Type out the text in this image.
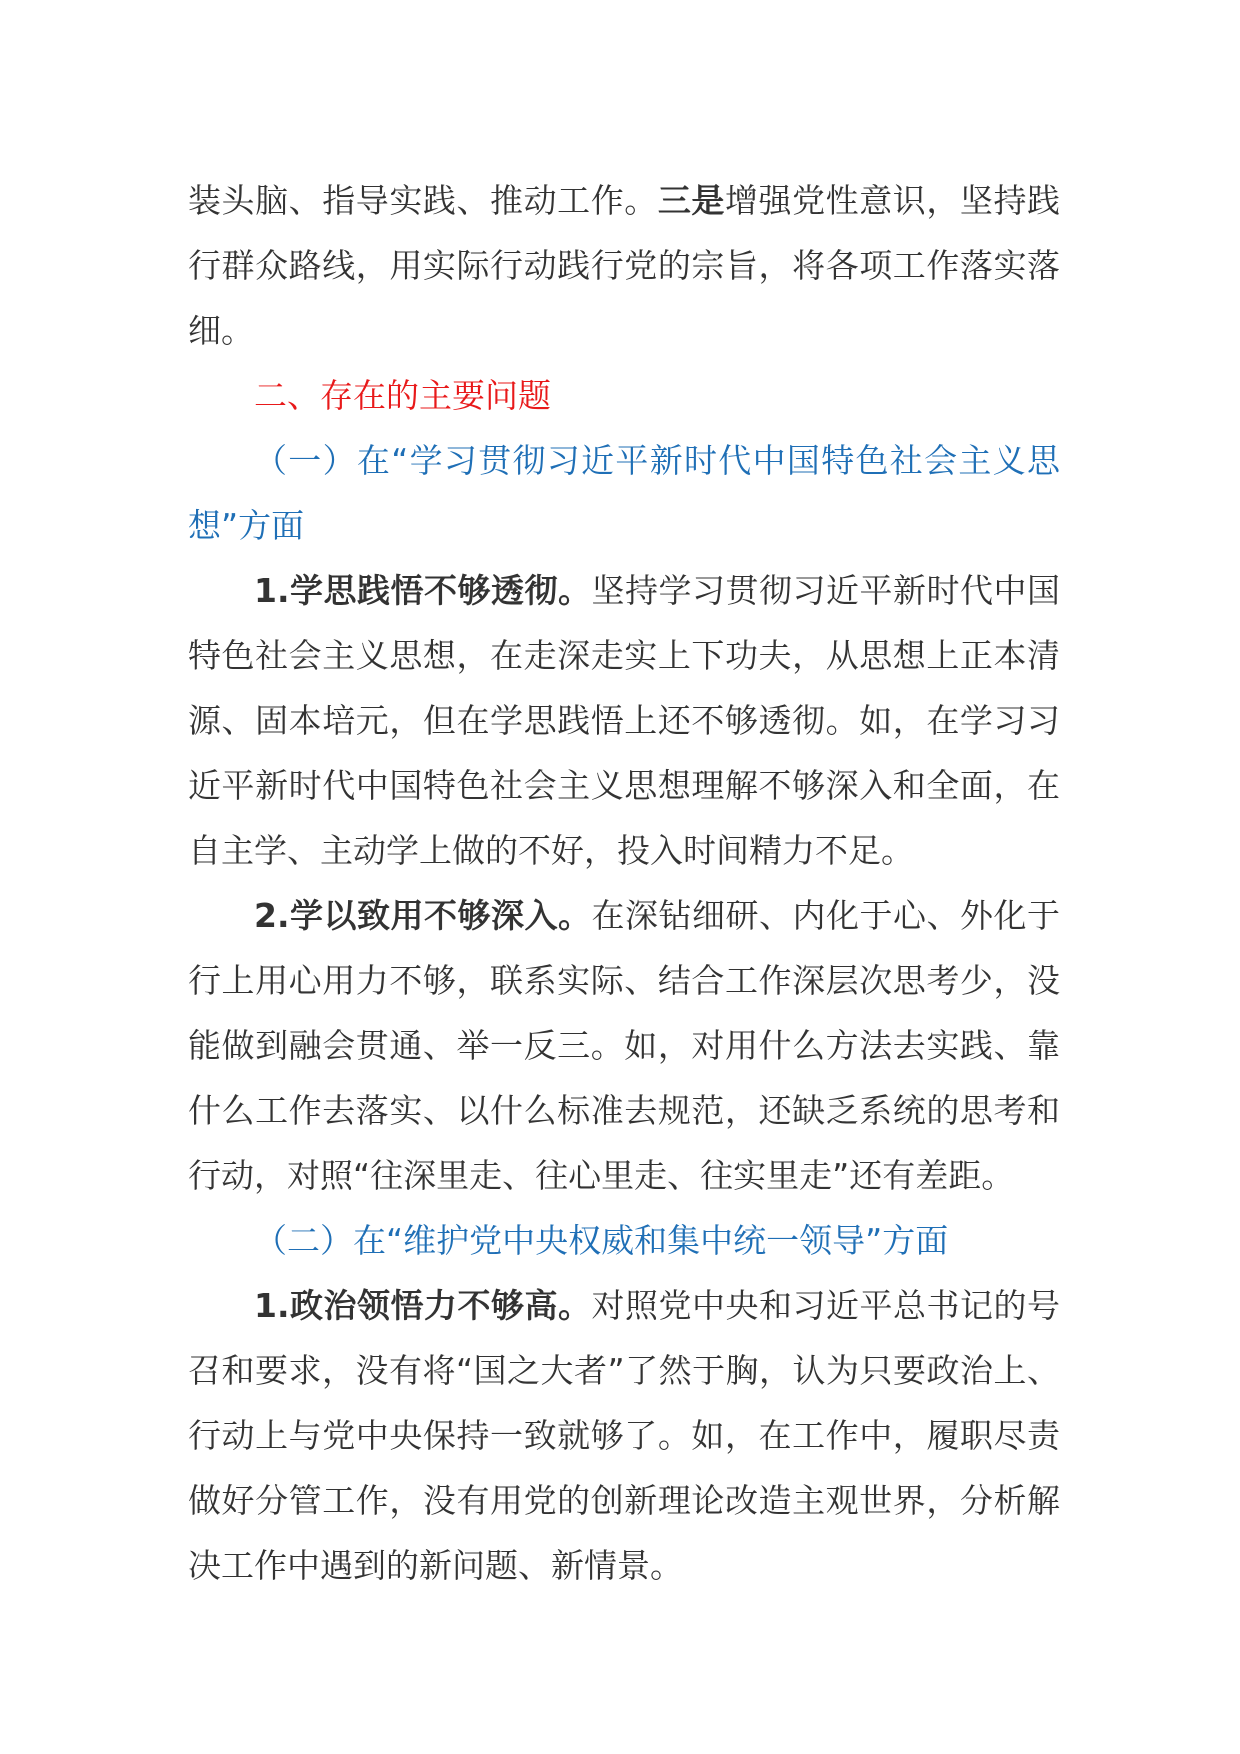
装头脑、指导实践、推动工作。三是增强党性意识，坚持践行群众路线，用实际行动践行党的宗旨，将各项工作落实落细。

二、存在的主要问题

（一）在“学习贯彻习近平新时代中国特色社会主义思想”方面

1.学思践悟不够透彻。坚持学习贯彻习近平新时代中国特色社会主义思想，在走深走实上下功夫，从思想上正本清源、固本培元，但在学思践悟上还不够透彻。如，在学习习近平新时代中国特色社会主义思想理解不够深入和全面，在自主学、主动学上做的不好，投入时间精力不足。

2.学以致用不够深入。在深钻细研、内化于心、外化于行上用心用力不够，联系实际、结合工作深层次思考少，没能做到融会贯通、举一反三。如，对用什么方法去实践、靠什么工作去落实、以什么标准去规范，还缺乏系统的思考和行动，对照“往深里走、往心里走、往实里走”还有差距。

（二）在“维护党中央权威和集中统一领导”方面

1.政治领悟力不够高。对照党中央和习近平总书记的号召和要求，没有将“国之大者”了然于胸，认为只要政治上、行动上与党中央保持一致就够了。如，在工作中，履职尽责做好分管工作，没有用党的创新理论改造主观世界，分析解决工作中遇到的新问题、新情景。
